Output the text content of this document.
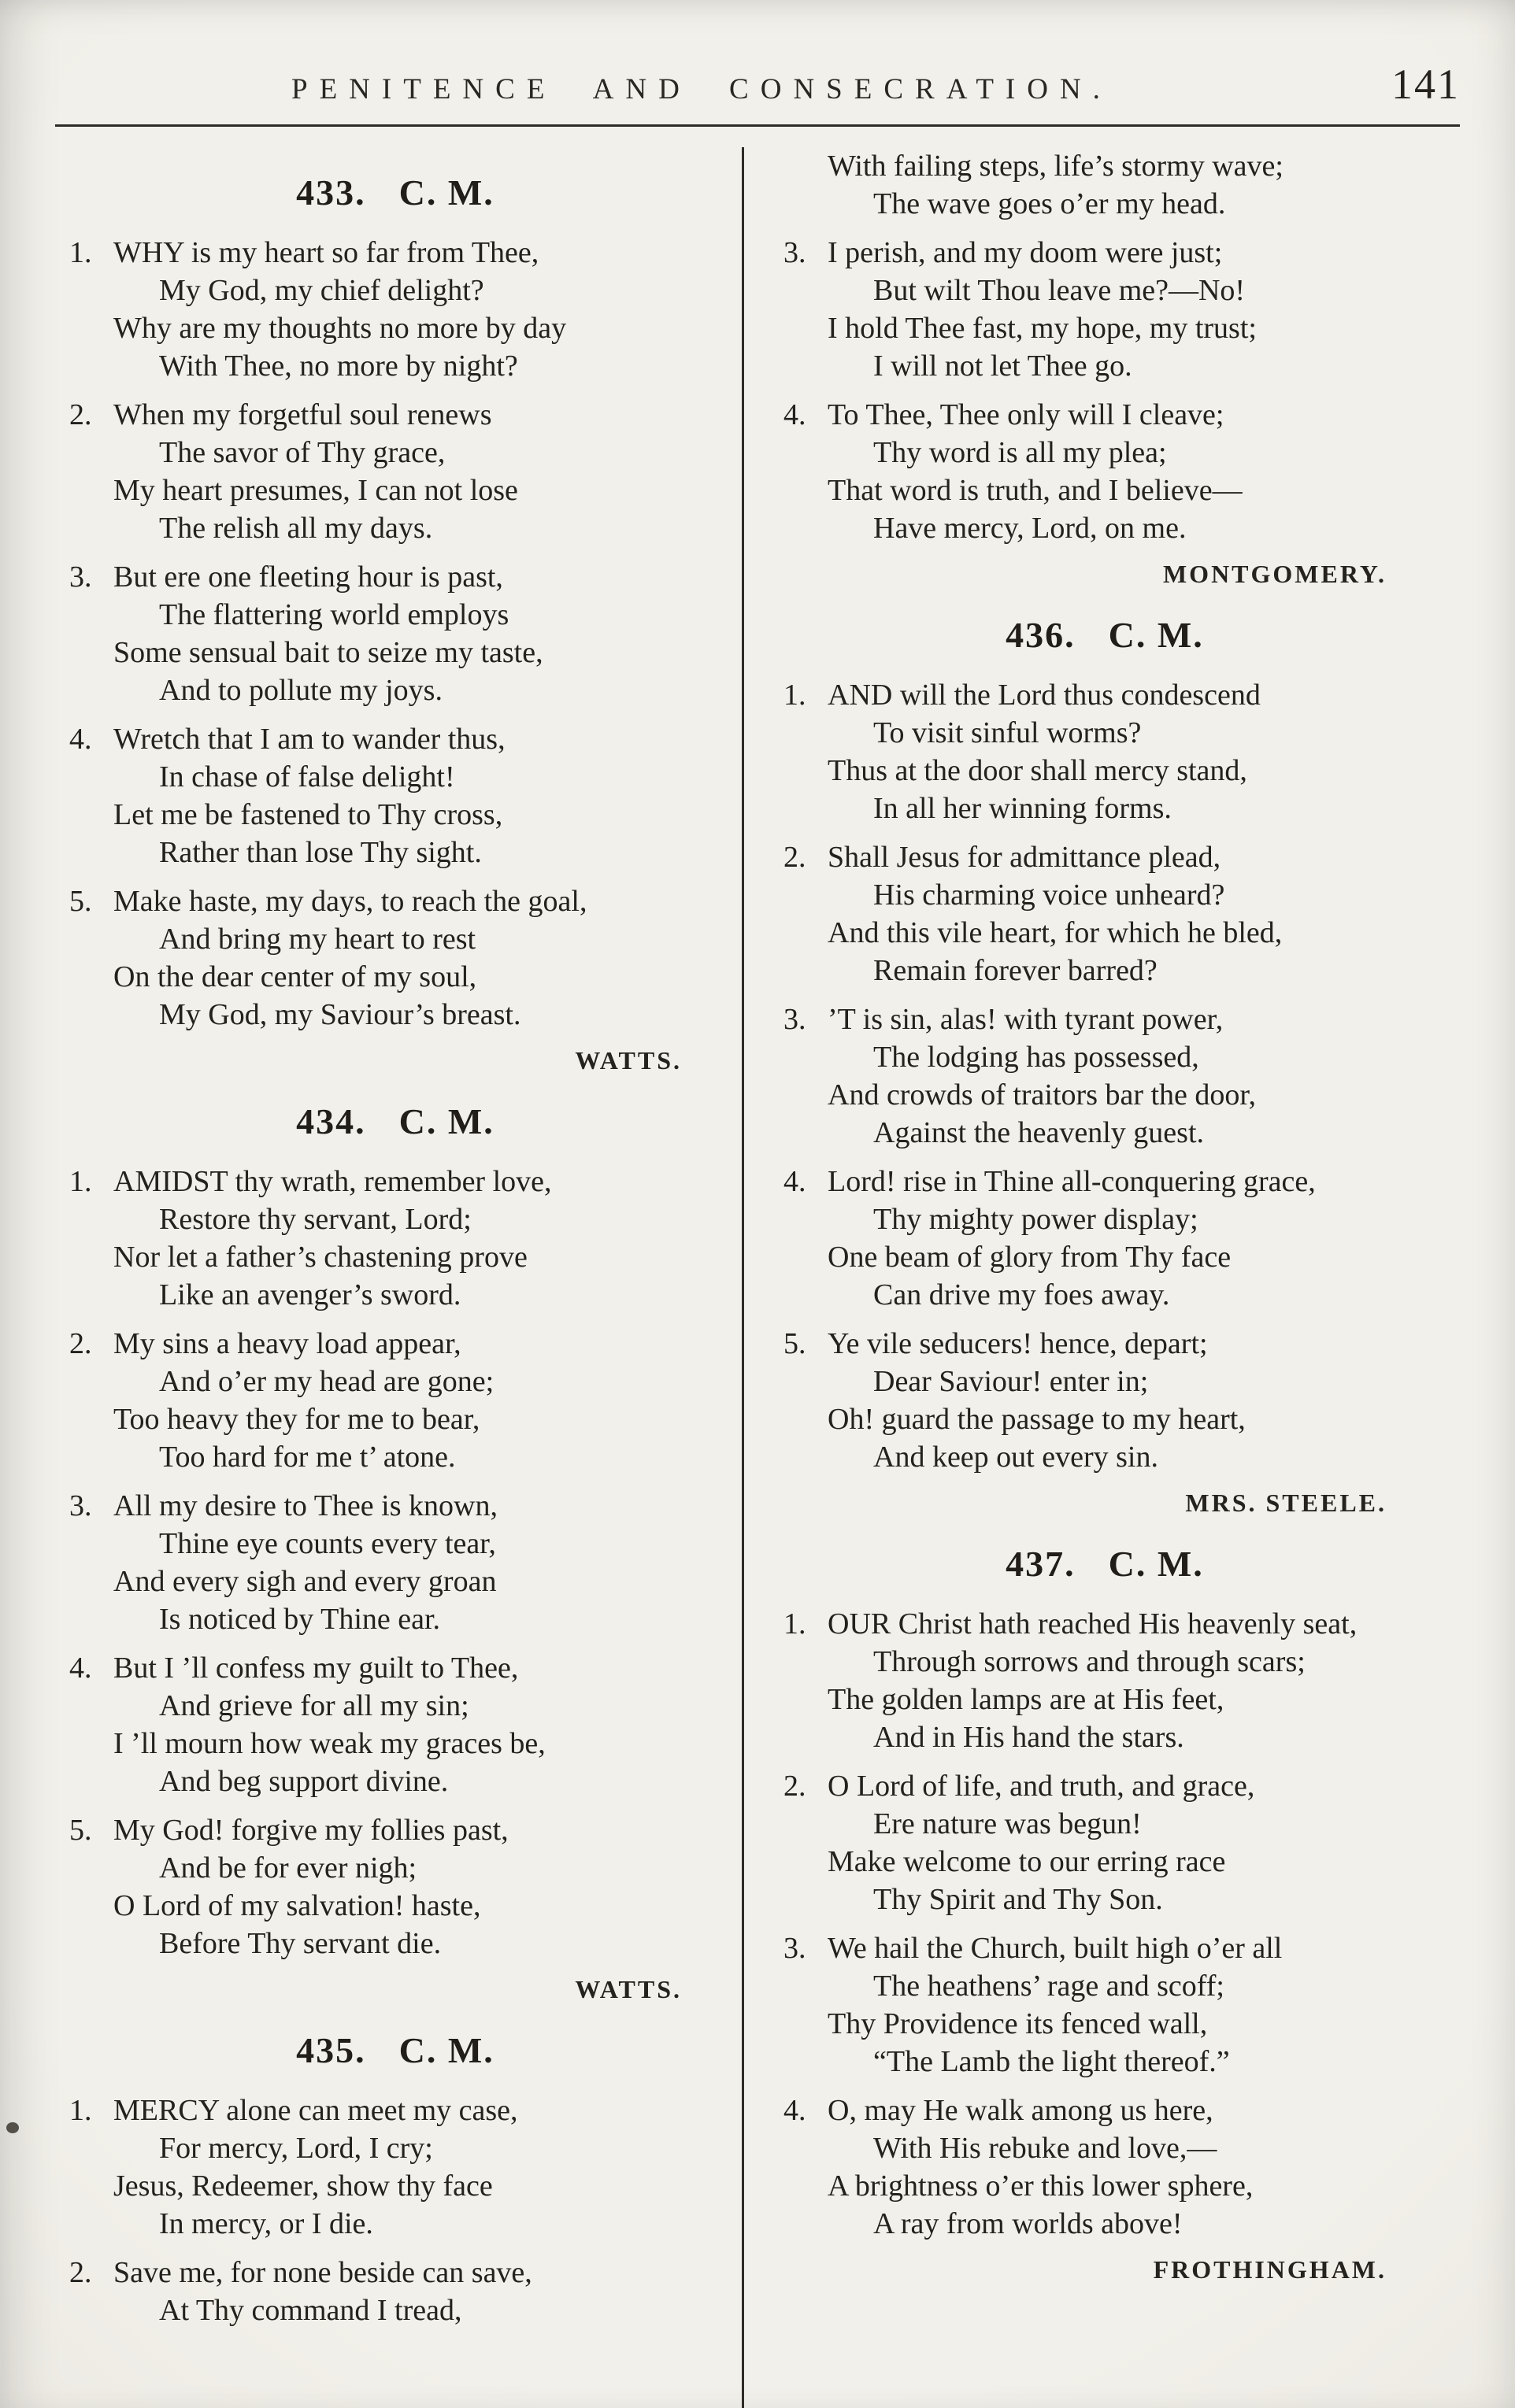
PENITENCE AND CONSECRATION.	141
433. C. M.
1. WHY is my heart so far from Thee,
My God, my chief delight?
Why are my thoughts no more by day
With Thee, no more by night?
2. When my forgetful soul renews
The savor of Thy grace,
My heart presumes, I can not lose
The relish all my days.
3. But ere one fleeting hour is past,
The flattering world employs
Some sensual bait to seize my taste,
And to pollute my joys.
4. Wretch that I am to wander thus,
In chase of false delight!
Let me be fastened to Thy cross,
Rather than lose Thy sight.
5. Make haste, my days, to reach the goal,
And bring my heart to rest
On the dear center of my soul,
My God, my Saviour’s breast.
WATTS.
434. C. M.
1. AMIDST thy wrath, remember love,
Restore thy servant, Lord;
Nor let a father’s chastening prove
Like an avenger’s sword.
2. My sins a heavy load appear,
And o’er my head are gone;
Too heavy they for me to bear,
Too hard for me t’ atone.
3. All my desire to Thee is known,
Thine eye counts every tear,
And every sigh and every groan
Is noticed by Thine ear.
4. But I ’ll confess my guilt to Thee,
And grieve for all my sin;
I ’ll mourn how weak my graces be,
And beg support divine.
5. My God! forgive my follies past,
And be for ever nigh;
O Lord of my salvation! haste,
Before Thy servant die.
WATTS.
435. C. M.
1. MERCY alone can meet my case,
For mercy, Lord, I cry;
Jesus, Redeemer, show thy face
In mercy, or I die.
2. Save me, for none beside can save,
At Thy command I tread,
With failing steps, life’s stormy wave;
The wave goes o’er my head.
3. I perish, and my doom were just;
But wilt Thou leave me?—No!
I hold Thee fast, my hope, my trust;
I will not let Thee go.
4. To Thee, Thee only will I cleave;
Thy word is all my plea;
That word is truth, and I believe—
Have mercy, Lord, on me.
MONTGOMERY.
436. C. M.
1. AND will the Lord thus condescend
To visit sinful worms?
Thus at the door shall mercy stand,
In all her winning forms.
2. Shall Jesus for admittance plead,
His charming voice unheard?
And this vile heart, for which he bled,
Remain forever barred?
3. ’T is sin, alas! with tyrant power,
The lodging has possessed,
And crowds of traitors bar the door,
Against the heavenly guest.
4. Lord! rise in Thine all-conquering grace,
Thy mighty power display;
One beam of glory from Thy face
Can drive my foes away.
5. Ye vile seducers! hence, depart;
Dear Saviour! enter in;
Oh! guard the passage to my heart,
And keep out every sin.
MRS. STEELE.
437. C. M.
1. OUR Christ hath reached His heavenly seat,
Through sorrows and through scars;
The golden lamps are at His feet,
And in His hand the stars.
2. O Lord of life, and truth, and grace,
Ere nature was begun!
Make welcome to our erring race
Thy Spirit and Thy Son.
3. We hail the Church, built high o’er all
The heathens’ rage and scoff;
Thy Providence its fenced wall,
“The Lamb the light thereof.”
4. O, may He walk among us here,
With His rebuke and love,—
A brightness o’er this lower sphere,
A ray from worlds above!
FROTHINGHAM.
